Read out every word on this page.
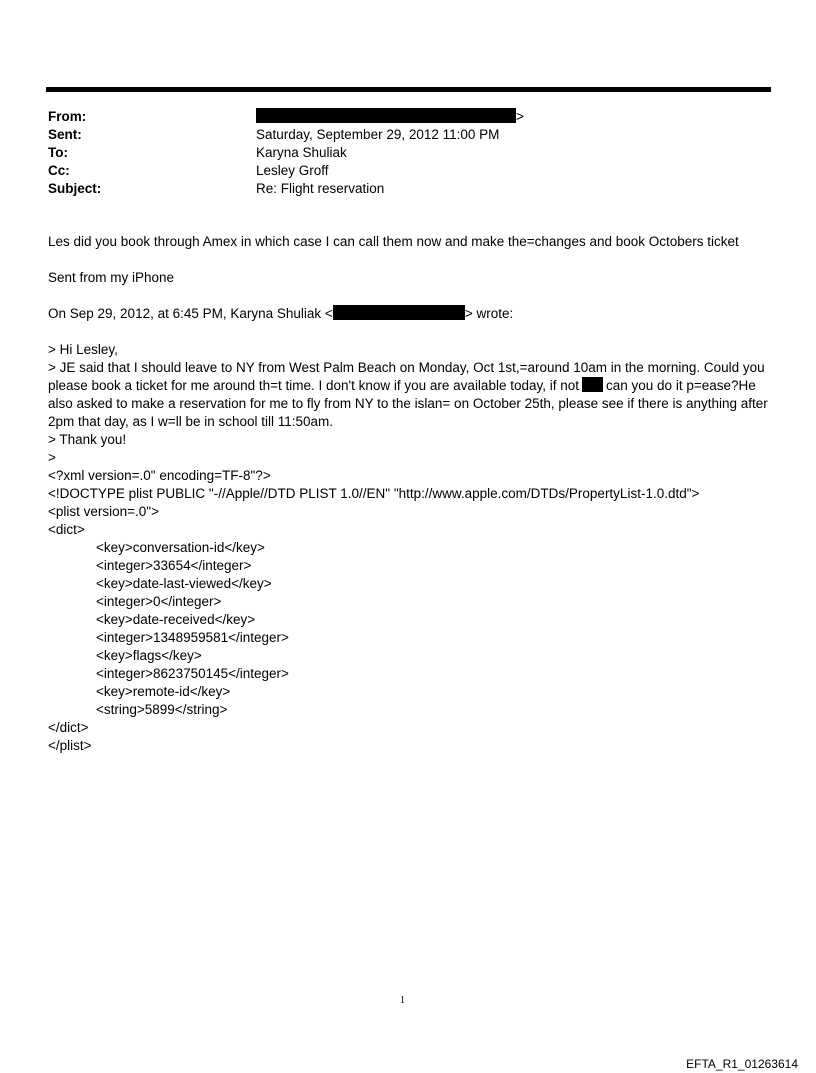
From:	>
Sent:	Saturday, September 29, 2012 11:00 PM
To:	Karyna Shuliak
Cc:	Lesley Groff
Subject:	Re: Flight reservation

Les did you book through Amex in which case I can call them now and make the=changes and book Octobers ticket

Sent from my iPhone

On Sep 29, 2012, at 6:45 PM, Karyna Shuliak <	> wrote:

> Hi Lesley,

> JE said that I should leave to NY from West Palm Beach on Monday, Oct 1st,=around 10am in the morning. Could you please book a ticket for me around th=t time. I don't know if you are available today, if not can you do it p=ease?He also asked to make a reservation for me to fly from NY to the islan= on October 25th, please see if there is anything after 2pm that day, as I w=ll be in school till 11:50am.

> Thank you!

>

<?xml version=.0" encoding=TF-8"?>

<!DOCTYPE plist PUBLIC "-//Apple//DTD PLIST 1.0//EN" "http://www.apple.com/DTDs/PropertyList-1.0.dtd">

<plist version=.0">

<dict>

<key>conversation-id</key>

<integer>33654</integer>

<key>date-last-viewed</key>

<integer>0</integer>

<key>date-received</key>

<integer>1348959581</integer>

<key>flags</key>

<integer>8623750145</integer>

<key>remote-id</key>

<string>5899</string>

</dict>

</plist>

1
EFTA_R1_01263614
